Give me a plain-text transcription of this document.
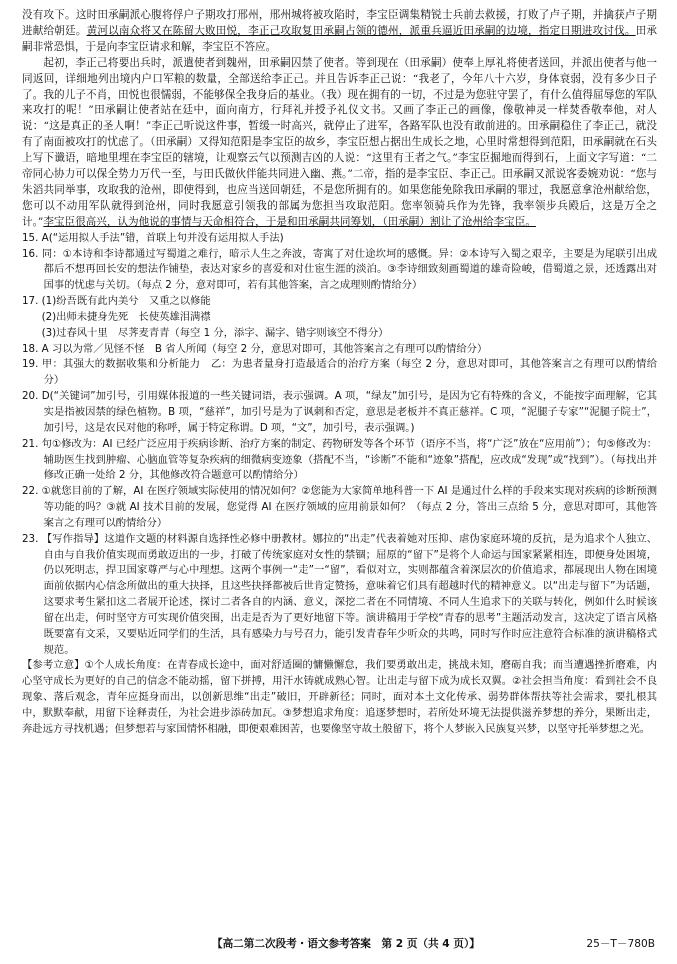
没有攻下。这时田承嗣派心腹将俘户子期攻打邢州，邢州城将被攻陷时，李宝臣调集精锐士兵前去救援，打败了卢子期，并擒获卢子期进献给朝廷。黄河以南众将又在陈留大败田悦，李正己攻取复田承嗣占领的德州，派重兵逼近田承嗣的边境，指定日期进攻讨伐。田承嗣非常恐惧，于是向李宝臣请求和解，李宝臣不答应。

起初，李正己将要出兵时，派遣使者到魏州，田承嗣囚禁了使者。等到现在（田承嗣）使奉上厚礼将使者送回，并派出使者与他一同返回，详细地列出境内户口军粮的数量，全部送给李正己。并且告诉李正己说：“我老了，今年八十六岁，身体衰弱，没有多少日子了。我的儿子不肖，田悦也很懦弱，不能够保全我身后的基业。（我）现在拥有的一切，不过是为您驻守罢了，有什么值得屈辱您的军队来攻打的呢！”田承嗣让使者站在廷中，面向南方，行拜礼并授予礼仪文书。又画了李正己的画像，像敬神灵一样焚香敬奉他，对人说：“这是真正的圣人啊！”李正己听说这件事，暂缓一时高兴，就停止了进军，各路军队也没有敢前进的。田承嗣稳住了李正己，就没有了南面被攻打的忧虑了。（田承嗣）又得知范阳是李宝臣的故乡，李宝臣想占据出生成长之地，心里时常想得到范阳，田承嗣就在石头上写下谶语，暗地里埋在李宝臣的辖境，让观察云气以预测吉凶的人说：“这里有王者之气。”李宝臣掘地而得到石，上面文字写道：“二帝同心协力可以保全势力万代一至，与田氏做伙伴能共同进入幽、燕。”二帝，指的是李宝臣、李正己。田承嗣又派说客委婉劝说：“您与朱滔共同举事，攻取我的沧州，即使得到，也应当送回朝廷，不是您所拥有的。如果您能免除我田承嗣的罪过，我愿意拿沧州献给您，您可以不动用军队就得到沧州，同时我愿意引领我的部属为您担当攻取范阳。您率领骑兵作为先锋，我率领步兵殿后，这是万全之计。”李宝臣很高兴，认为他说的事情与天命相符合，于是和田承嗣共同筹划，（田承嗣）割让了沧州给李宝臣。

15. A(“运用拟人手法”错，首联上句并没有运用拟人手法)

16. 同：①本诗和李诗都通过写蜀道之难行，暗示人生之奔波，寄寓了对仕途坎坷的感慨。异：②本诗写入蜀之艰辛，主要是为尾联引出成都后不想再回长安的想法作铺垫，表达对家乡的喜爱和对仕宦生涯的淡泊。③李诗细致刻画蜀道的雄奇险峻，借蜀道之景，还透露出对国事的忧虑与关切。（每点 2 分，意对即可，若有其他答案，言之成理则酌情给分）

17. (1)纷吾既有此内美兮　又重之以修能

(2)出师未捷身先死　长使英雄泪满襟

(3)过春风十里　尽荠麦青青（每空 1 分，添字、漏字、错字则该空不得分）

18. A 习以为常／见怪不怪　B 省人所闻（每空 2 分，意思对即可，其他答案言之有理可以酌情给分）

19. 甲：其强大的数据收集和分析能力　乙：为患者量身打造最适合的治疗方案（每空 2 分，意思对即可，其他答案言之有理可以酌情给分）

20. D(“关键词”加引号，引用媒体报道的一些关键词语，表示强调。A 项，“绿友”加引号，是因为它有特殊的含义，不能按字面理解，它其实是指被因禁的绿色植物。B 项，“慈祥”，加引号是为了讽刺和否定，意思是老板并不真正慈祥。C 项，“泥腿子专家”“泥腿子院士”，加引号，这是农民对他的称呼，属于特定称谓。D 项，“文”，加引号，表示强调。)

21. 句①修改为：AI 已经广泛应用于疾病诊断、治疗方案的制定、药物研发等各个环节（语序不当，将“广泛”放在“应用前”）；句⑤修改为：辅助医生找到肿瘤、心脑血管等复杂疾病的细微病变迹象（搭配不当，“诊断”不能和“迹象”搭配，应改成“发现”或“找到”）。（每找出并修改正确一处给 2 分，其他修改符合题意可以酌情给分）

22. ①就您目前的了解，AI 在医疗领域实际使用的情况如何？②您能为大家简单地科普一下 AI 是通过什么样的手段来实现对疾病的诊断预测等功能的吗？③就 AI 技术目前的发展，您觉得 AI 在医疗领域的应用前景如何？（每点 2 分，答出三点给 5 分，意思对即可，其他答案言之有理可以酌情给分）

23. 【写作指导】这道作文题的材料源自选择性必修中册教材。娜拉的“出走”代表着她对压抑、虐伪家庭环境的反抗，是为追求个人独立、自由与自我价值实现而勇敢迈出的一步，打破了传统家庭对女性的禁锢；屈原的“留下”是将个人命运与国家紧紧相连，即便身处困境，仍以死明志，捍卫国家尊严与心中理想。这两个事例一“走”一“留”，看似对立，实则都蕴含着深层次的价值追求，都展现出人物在困境面前依据内心信念所做出的重大抉择，且这些抉择都被后世肯定赞扬，意味着它们具有超越时代的精神意义。以“出走与留下”为话题，这要求考生紧扣这二者展开论述，探讨二者各自的内涵、意义，深挖二者在不同情境、不同人生追求下的关联与转化，例如什么时候该留在出走，何时坚守方可实现价值突围，出走是否为了更好地留下等。演讲稿用于学校“青春的思考”主题活动发言，这决定了语言风格既要富有文采，又要贴近同学们的生活，具有感染力与号召力，能引发青春年少听众的共鸣，同时写作时应注意符合标准的演讲稿格式规范。

【参考立意】①个人成长角度：在青春成长途中，面对舒适圈的慵懒懈怠，我们要勇敢出走，挑战未知，磨砺自我；而当遭遇挫折磨难，内心坚守成长为更好的自己的信念不能动摇，留下拼搏，用汗水铸就成熟心智。让出走与留下成为成长双翼。②社会担当角度：看到社会不良现象、落后观念，青年应挺身而出，以创新思维“出走”破旧，开辟新径；同时，面对本土文化传承、弱势群体帮扶等社会需求，要扎根其中，默默奉献，用留下诠释责任，为社会进步添砖加瓦。③梦想追求角度：追逐梦想时，若所处环境无法提供滋养梦想的养分，果断出走，奔赴远方寻找机遇；但梦想若与家国情怀相融，即便艰难困苦，也要像坚守故土般留下，将个人梦嵌入民族复兴梦，以坚守托举梦想之光。

【高二第二次段考・语文参考答案　第 2 页（共 4 页）】	25－T－780B
